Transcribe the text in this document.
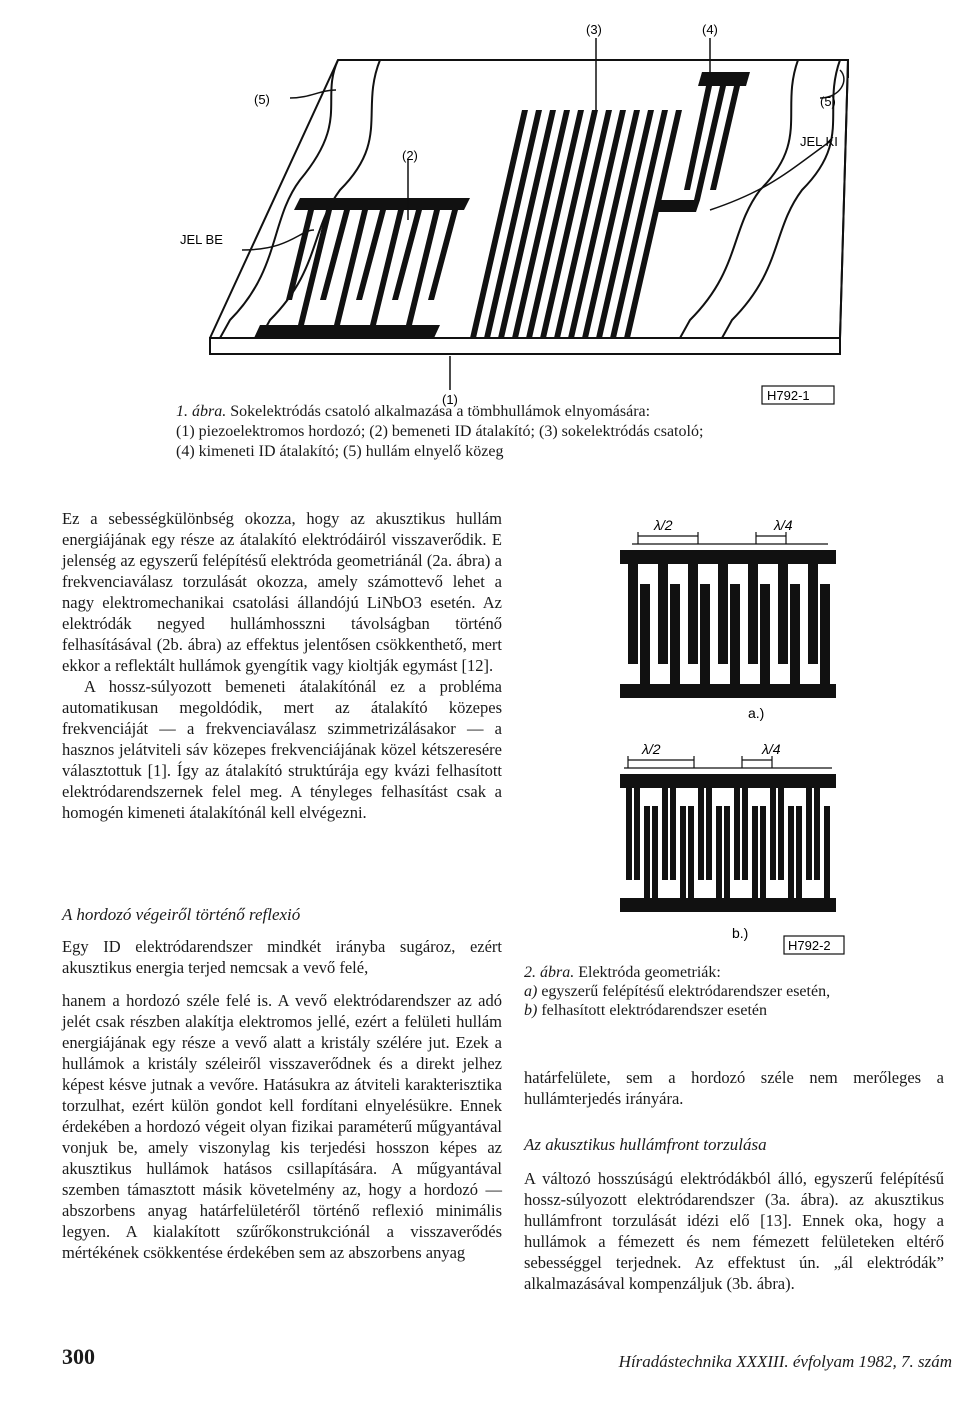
(3)	(4)
(5)	(5)
(2)
JEL KI
JEL BE
(1)	H792-1
1. ábra. Sokelektródás csatoló alkalmazása a tömbhullámok elnyomására:
(1) piezoelektromos hordozó; (2) bemeneti ID átalakító; (3) sokelektródás csatoló;
(4) kimeneti ID átalakító; (5) hullám elnyelő közeg

Ez a sebességkülönbség okozza, hogy az akusztikus hullám energiájának egy része az átalakító elektródáiról visszaverődik. E jelenség az egyszerű felépítésű elektróda geometriánál (2a. ábra) a frekvenciaválasz torzulását okozza, amely számottevő lehet a nagy elektromechanikai csatolási állandójú LiNbO3 esetén. Az elektródák negyed hullámhosszni távolságban történő felhasításával (2b. ábra) az effektus jelentősen csökkenthető, mert ekkor a reflektált hullámok gyengítik vagy kioltják egymást [12].

A hossz-súlyozott bemeneti átalakítónál ez a probléma automatikusan megoldódik, mert az átalakító közepes frekvenciáját — a frekvenciaválasz szimmetrizálásakor — a hasznos jelátviteli sáv közepes frekvenciájának közel kétszeresére választottuk [1]. Így az átalakító struktúrája egy kvázi felhasított elektródarendszernek felel meg. A tényleges felhasítást csak a homogén kimeneti átalakítónál kell elvégezni.

A hordozó végeiről történő reflexió

Egy ID elektródarendszer mindkét irányba sugároz, ezért akusztikus energia terjed nemcsak a vevő felé,

hanem a hordozó széle felé is. A vevő elektródarendszer az adó jelét csak részben alakítja elektromos jellé, ezért a felületi hullám energiájának egy része a vevő alatt a kristály szélére jut. Ezek a hullámok a kristály széleiről visszaverődnek és a direkt jelhez képest késve jutnak a vevőre. Hatásukra az átviteli karakterisztika torzulhat, ezért külön gondot kell fordítani elnyelésükre. Ennek érdekében a hordozó végeit olyan fizikai paraméterű műgyantával vonjuk be, amely viszonylag kis terjedési hosszon képes az akusztikus hullámok hatásos csillapítására. A műgyantával szemben támasztott másik követelmény az, hogy a hordozó — abszorbens anyag határfelületéről történő reflexió minimális legyen. A kialakított szűrőkonstrukciónál a visszaverődés mértékének csökkentése érdekében sem az abszorbens anyag

λ/2	λ/4
a.)
λ/2	λ/4
b.)
H792-2
2. ábra. Elektróda geometriák:
a) egyszerű felépítésű elektródarendszer esetén,
b) felhasított elektródarendszer esetén

határfelülete, sem a hordozó széle nem merőleges a hullámterjedés irányára.

Az akusztikus hullámfront torzulása

A változó hosszúságú elektródákból álló, egyszerű felépítésű hossz-súlyozott elektródarendszer (3a. ábra). az akusztikus hullámfront torzulását idézi elő [13]. Ennek oka, hogy a hullámok a fémezett és nem fémezett felületeken eltérő sebességgel terjednek. Az effektust ún. „ál elektródák” alkalmazásával kompenzáljuk (3b. ábra).

300	Híradástechnika XXXIII. évfolyam 1982, 7. szám
